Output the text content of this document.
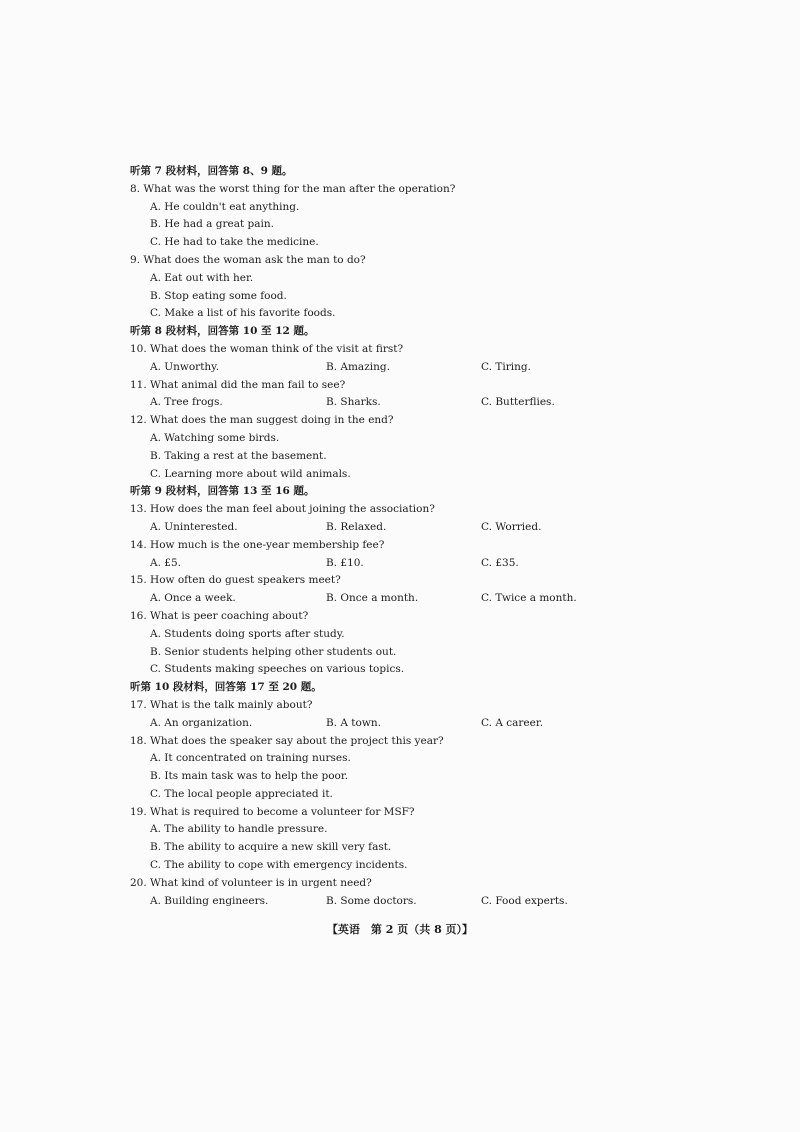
听第 7 段材料，回答第 8、9 题。
8. What was the worst thing for the man after the operation?
A. He couldn't eat anything.
B. He had a great pain.
C. He had to take the medicine.
9. What does the woman ask the man to do?
A. Eat out with her.
B. Stop eating some food.
C. Make a list of his favorite foods.
听第 8 段材料，回答第 10 至 12 题。
10. What does the woman think of the visit at first?
A. Unworthy.	B. Amazing.	C. Tiring.
11. What animal did the man fail to see?
A. Tree frogs.	B. Sharks.	C. Butterflies.
12. What does the man suggest doing in the end?
A. Watching some birds.
B. Taking a rest at the basement.
C. Learning more about wild animals.
听第 9 段材料，回答第 13 至 16 题。
13. How does the man feel about joining the association?
A. Uninterested.	B. Relaxed.	C. Worried.
14. How much is the one-year membership fee?
A. £5.	B. £10.	C. £35.
15. How often do guest speakers meet?
A. Once a week.	B. Once a month.	C. Twice a month.
16. What is peer coaching about?
A. Students doing sports after study.
B. Senior students helping other students out.
C. Students making speeches on various topics.
听第 10 段材料，回答第 17 至 20 题。
17. What is the talk mainly about?
A. An organization.	B. A town.	C. A career.
18. What does the speaker say about the project this year?
A. It concentrated on training nurses.
B. Its main task was to help the poor.
C. The local people appreciated it.
19. What is required to become a volunteer for MSF?
A. The ability to handle pressure.
B. The ability to acquire a new skill very fast.
C. The ability to cope with emergency incidents.
20. What kind of volunteer is in urgent need?
A. Building engineers.	B. Some doctors.	C. Food experts.
【英语　第 2 页（共 8 页）】
